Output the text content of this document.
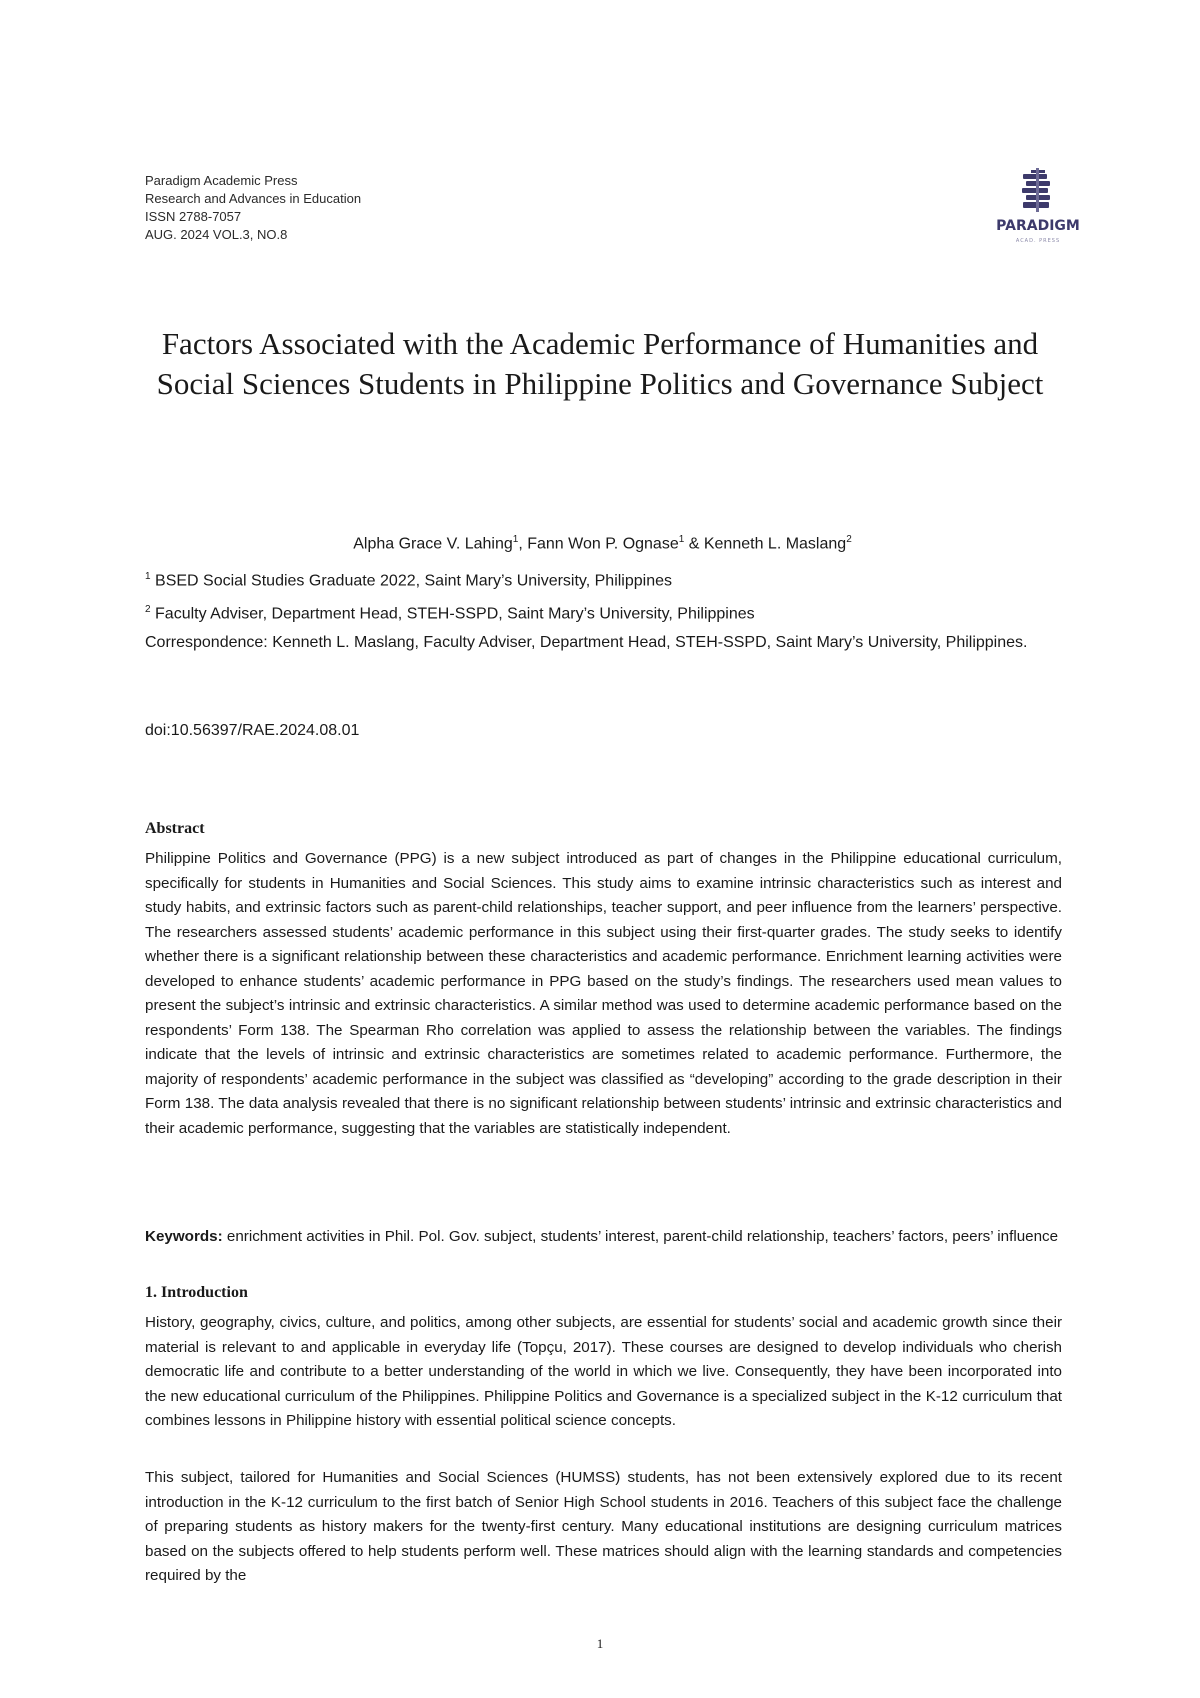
Paradigm Academic Press
Research and Advances in Education
ISSN 2788-7057
AUG. 2024 VOL.3, NO.8
PARADIGM
ACAD. PRESS
Factors Associated with the Academic Performance of Humanities and Social Sciences Students in Philippine Politics and Governance Subject
Alpha Grace V. Lahing$^1$, Fann Won P. Ognase$^1$ & Kenneth L. Maslang$^2$
$^1$ BSED Social Studies Graduate 2022, Saint Mary’s University, Philippines
$^2$ Faculty Adviser, Department Head, STEH-SSPD, Saint Mary’s University, Philippines
Correspondence: Kenneth L. Maslang, Faculty Adviser, Department Head, STEH-SSPD, Saint Mary’s University, Philippines.
doi:10.56397/RAE.2024.08.01
Abstract
Philippine Politics and Governance (PPG) is a new subject introduced as part of changes in the Philippine educational curriculum, specifically for students in Humanities and Social Sciences. This study aims to examine intrinsic characteristics such as interest and study habits, and extrinsic factors such as parent-child relationships, teacher support, and peer influence from the learners’ perspective. The researchers assessed students’ academic performance in this subject using their first-quarter grades. The study seeks to identify whether there is a significant relationship between these characteristics and academic performance. Enrichment learning activities were developed to enhance students’ academic performance in PPG based on the study’s findings. The researchers used mean values to present the subject’s intrinsic and extrinsic characteristics. A similar method was used to determine academic performance based on the respondents’ Form 138. The Spearman Rho correlation was applied to assess the relationship between the variables. The findings indicate that the levels of intrinsic and extrinsic characteristics are sometimes related to academic performance. Furthermore, the majority of respondents’ academic performance in the subject was classified as “developing” according to the grade description in their Form 138. The data analysis revealed that there is no significant relationship between students’ intrinsic and extrinsic characteristics and their academic performance, suggesting that the variables are statistically independent.
Keywords: enrichment activities in Phil. Pol. Gov. subject, students’ interest, parent-child relationship, teachers’ factors, peers’ influence
1. Introduction
History, geography, civics, culture, and politics, among other subjects, are essential for students’ social and academic growth since their material is relevant to and applicable in everyday life (Topçu, 2017). These courses are designed to develop individuals who cherish democratic life and contribute to a better understanding of the world in which we live. Consequently, they have been incorporated into the new educational curriculum of the Philippines. Philippine Politics and Governance is a specialized subject in the K-12 curriculum that combines lessons in Philippine history with essential political science concepts.
This subject, tailored for Humanities and Social Sciences (HUMSS) students, has not been extensively explored due to its recent introduction in the K-12 curriculum to the first batch of Senior High School students in 2016. Teachers of this subject face the challenge of preparing students as history makers for the twenty-first century. Many educational institutions are designing curriculum matrices based on the subjects offered to help students perform well. These matrices should align with the learning standards and competencies required by the
1
